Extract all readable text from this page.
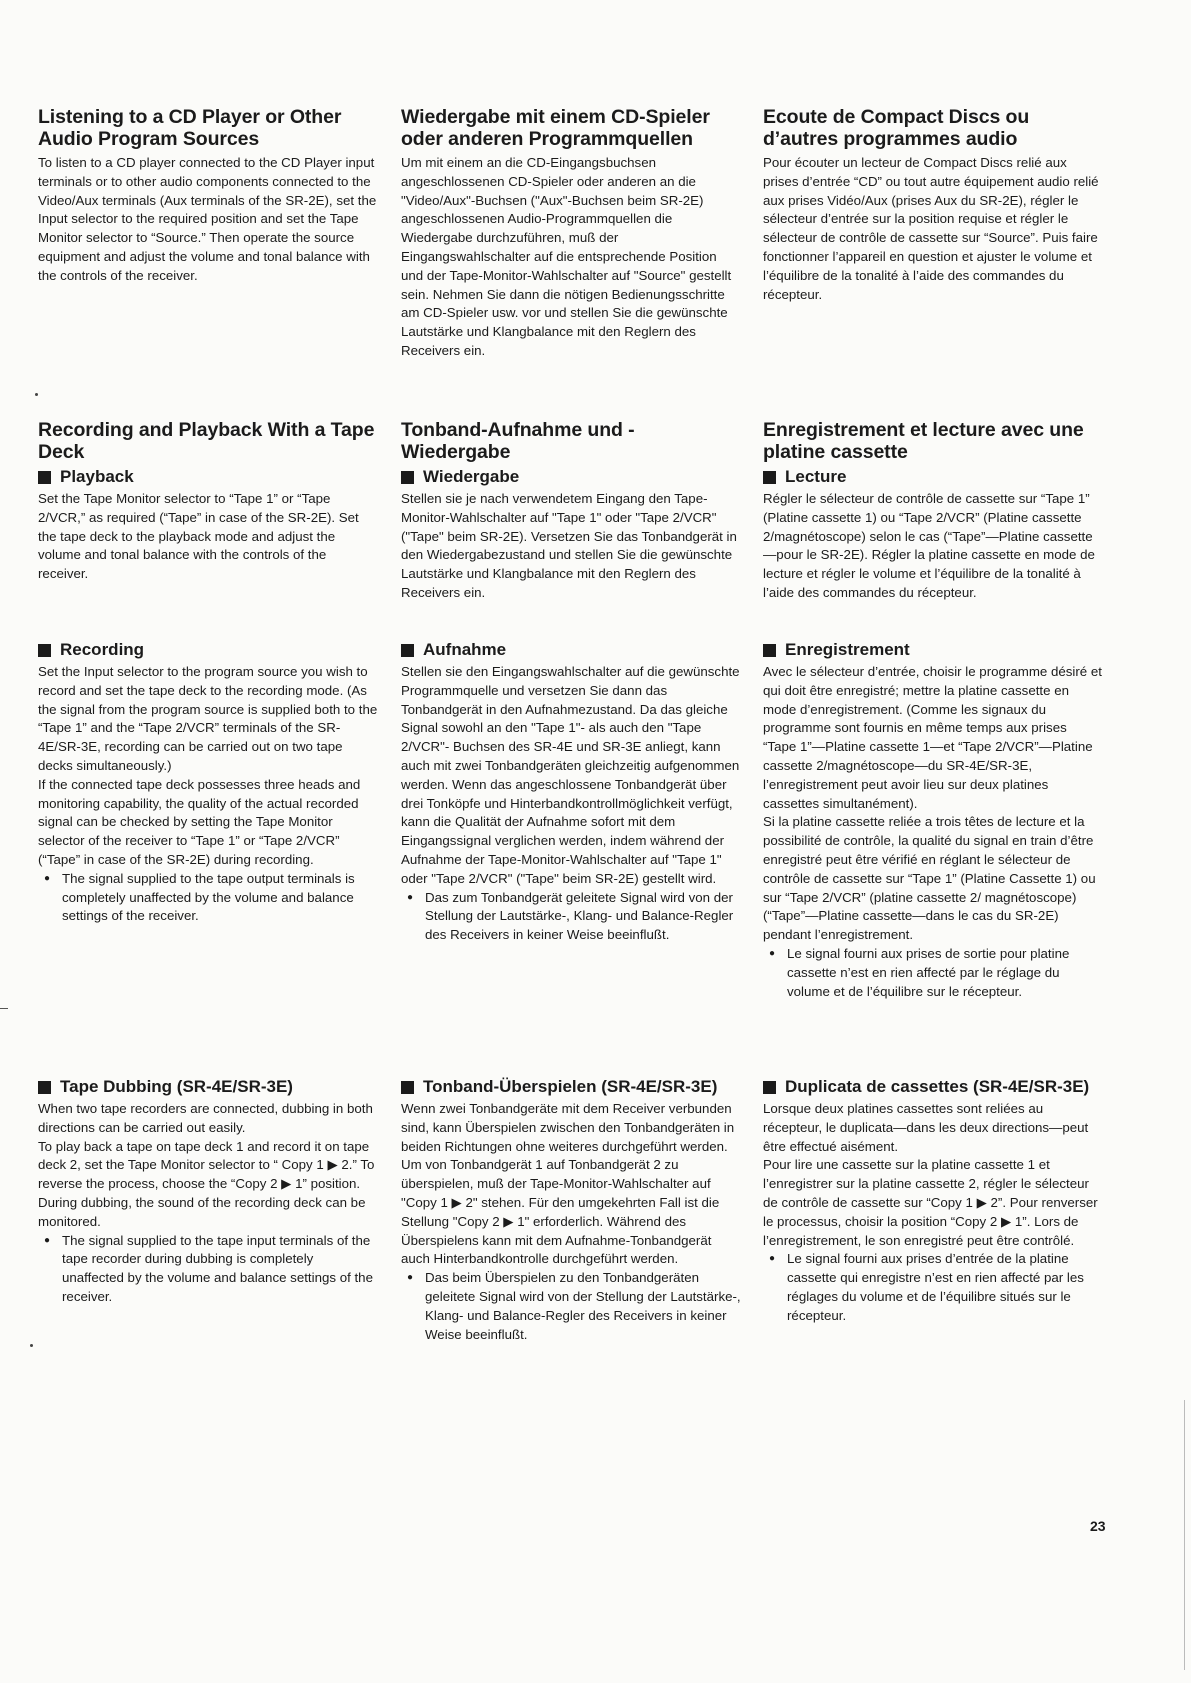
Listening to a CD Player or Other Audio Program Sources

To listen to a CD player connected to the CD Player input terminals or to other audio components connected to the Video/Aux terminals (Aux terminals of the SR-2E), set the Input selector to the required position and set the Tape Monitor selector to “Source.” Then operate the source equipment and adjust the volume and tonal balance with the controls of the receiver.

Recording and Playback With a Tape Deck
Playback

Set the Tape Monitor selector to “Tape 1” or “Tape 2/VCR,” as required (“Tape” in case of the SR-2E). Set the tape deck to the playback mode and adjust the volume and tonal balance with the controls of the receiver.

Recording

Set the Input selector to the program source you wish to record and set the tape deck to the recording mode. (As the signal from the program source is supplied both to the “Tape 1” and the “Tape 2/VCR” terminals of the SR-4E/SR-3E, recording can be carried out on two tape decks simultaneously.)

If the connected tape deck possesses three heads and monitoring capability, the quality of the actual recorded signal can be checked by setting the Tape Monitor selector of the receiver to “Tape 1” or “Tape 2/VCR” (“Tape” in case of the SR-2E) during recording.

● The signal supplied to the tape output terminals is completely unaffected by the volume and balance settings of the receiver.
Tape Dubbing (SR-4E/SR-3E)

When two tape recorders are connected, dubbing in both directions can be carried out easily.

To play back a tape on tape deck 1 and record it on tape deck 2, set the Tape Monitor selector to “ Copy 1 ▶ 2.” To reverse the process, choose the “Copy 2 ▶ 1” position. During dubbing, the sound of the recording deck can be monitored.

● The signal supplied to the tape input terminals of the tape recorder during dubbing is completely unaffected by the volume and balance settings of the receiver.
Wiedergabe mit einem CD-Spieler oder anderen Programmquellen

Um mit einem an die CD-Eingangsbuchsen angeschlossenen CD-Spieler oder anderen an die "Video/Aux"-Buchsen ("Aux"-Buchsen beim SR-2E) angeschlossenen Audio-Programmquellen die Wiedergabe durchzuführen, muß der Eingangswahlschalter auf die entsprechende Position und der Tape-Monitor-Wahlschalter auf "Source" gestellt sein. Nehmen Sie dann die nötigen Bedienungsschritte am CD-Spieler usw. vor und stellen Sie die gewünschte Lautstärke und Klangbalance mit den Reglern des Receivers ein.

Tonband-Aufnahme und -Wiedergabe
Wiedergabe

Stellen sie je nach verwendetem Eingang den Tape-Monitor-Wahlschalter auf "Tape 1" oder "Tape 2/VCR" ("Tape" beim SR-2E). Versetzen Sie das Tonbandgerät in den Wiedergabezustand und stellen Sie die gewünschte Lautstärke und Klangbalance mit den Reglern des Receivers ein.

Aufnahme

Stellen sie den Eingangswahlschalter auf die gewünschte Programmquelle und versetzen Sie dann das Tonbandgerät in den Aufnahmezustand. Da das gleiche Signal sowohl an den "Tape 1"- als auch den "Tape 2/VCR"- Buchsen des SR-4E und SR-3E anliegt, kann auch mit zwei Tonbandgeräten gleichzeitig aufgenommen werden. Wenn das angeschlossene Tonbandgerät über drei Tonköpfe und Hinterbandkontrollmöglichkeit verfügt, kann die Qualität der Aufnahme sofort mit dem Eingangssignal verglichen werden, indem während der Aufnahme der Tape-Monitor-Wahlschalter auf "Tape 1" oder "Tape 2/VCR" ("Tape" beim SR-2E) gestellt wird.

● Das zum Tonbandgerät geleitete Signal wird von der Stellung der Lautstärke-, Klang- und Balance-Regler des Receivers in keiner Weise beeinflußt.
Tonband-Überspielen (SR-4E/SR-3E)

Wenn zwei Tonbandgeräte mit dem Receiver verbunden sind, kann Überspielen zwischen den Tonbandgeräten in beiden Richtungen ohne weiteres durchgeführt werden. Um von Tonbandgerät 1 auf Tonbandgerät 2 zu überspielen, muß der Tape-Monitor-Wahlschalter auf "Copy 1 ▶ 2" stehen. Für den umgekehrten Fall ist die Stellung "Copy 2 ▶ 1" erforderlich. Während des Überspielens kann mit dem Aufnahme-Tonbandgerät auch Hinterbandkontrolle durchgeführt werden.

● Das beim Überspielen zu den Tonbandgeräten geleitete Signal wird von der Stellung der Lautstärke-, Klang- und Balance-Regler des Receivers in keiner Weise beeinflußt.
Ecoute de Compact Discs ou d’autres programmes audio

Pour écouter un lecteur de Compact Discs relié aux prises d’entrée “CD” ou tout autre équipement audio relié aux prises Vidéo/Aux (prises Aux du SR-2E), régler le sélecteur d’entrée sur la position requise et régler le sélecteur de contrôle de cassette sur “Source”. Puis faire fonctionner l’appareil en question et ajuster le volume et l’équilibre de la tonalité à l’aide des commandes du récepteur.

Enregistrement et lecture avec une platine cassette
Lecture

Régler le sélecteur de contrôle de cassette sur “Tape 1” (Platine cassette 1) ou “Tape 2/VCR” (Platine cassette 2/magnétoscope) selon le cas (“Tape”—Platine cassette—pour le SR-2E). Régler la platine cassette en mode de lecture et régler le volume et l’équilibre de la tonalité à l’aide des commandes du récepteur.

Enregistrement

Avec le sélecteur d’entrée, choisir le programme désiré et qui doit être enregistré; mettre la platine cassette en mode d’enregistrement. (Comme les signaux du programme sont fournis en même temps aux prises “Tape 1”—Platine cassette 1—et “Tape 2/VCR”—Platine cassette 2/magnétoscope—du SR-4E/SR-3E, l’enregistrement peut avoir lieu sur deux platines cassettes simultanément).

Si la platine cassette reliée a trois têtes de lecture et la possibilité de contrôle, la qualité du signal en train d’être enregistré peut être vérifié en réglant le sélecteur de contrôle de cassette sur “Tape 1” (Platine Cassette 1) ou sur “Tape 2/VCR” (platine cassette 2/ magnétoscope) (“Tape”—Platine cassette—dans le cas du SR-2E) pendant l’enregistrement.

● Le signal fourni aux prises de sortie pour platine cassette n’est en rien affecté par le réglage du volume et de l’équilibre sur le récepteur.
Duplicata de cassettes (SR-4E/SR-3E)

Lorsque deux platines cassettes sont reliées au récepteur, le duplicata—dans les deux directions—peut être effectué aisément.

Pour lire une cassette sur la platine cassette 1 et l’enregistrer sur la platine cassette 2, régler le sélecteur de contrôle de cassette sur “Copy 1 ▶ 2”. Pour renverser le processus, choisir la position “Copy 2 ▶ 1”. Lors de l’enregistrement, le son enregistré peut être contrôlé.

● Le signal fourni aux prises d’entrée de la platine cassette qui enregistre n’est en rien affecté par les réglages du volume et de l’équilibre situés sur le récepteur.
23
